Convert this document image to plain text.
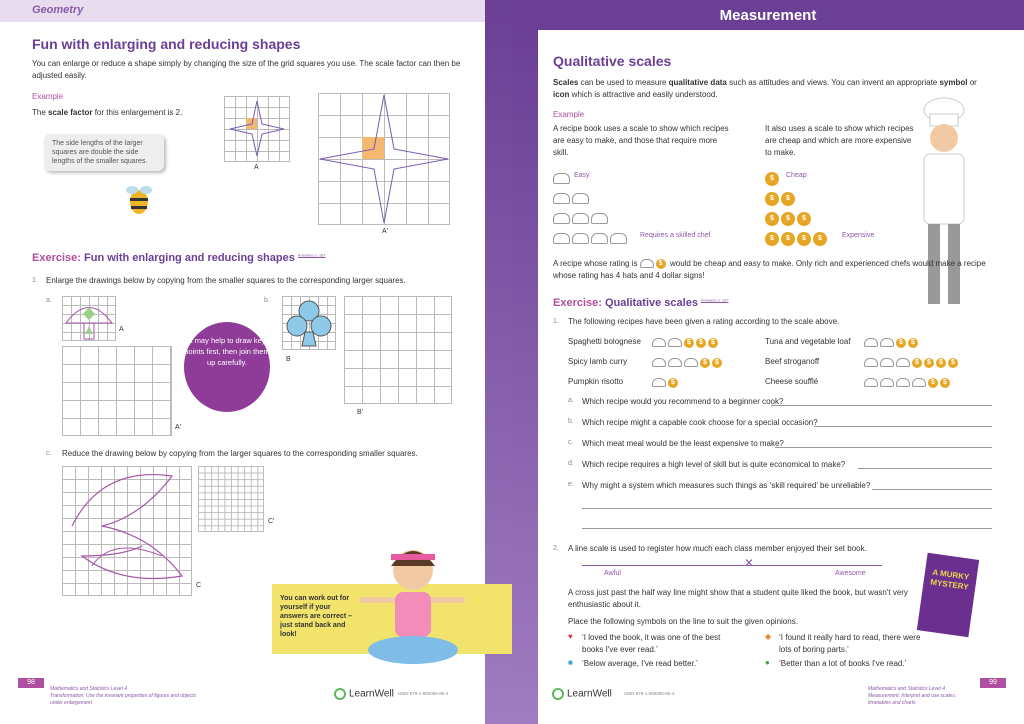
Geometry
Fun with enlarging and reducing shapes
You can enlarge or reduce a shape simply by changing the size of the grid squares you use. The scale factor can then be adjusted easily.
Example
The scale factor for this enlargement is 2.
The side lengths of the larger squares are double the side lengths of the smaller squares.
A
A'
Exercise: Fun with enlarging and reducing shapes $^{Answers p. 167}$
1. Enlarge the drawings below by copying from the smaller squares to the corresponding larger squares.
a.
A
A'
It may help to draw key points first, then join them up carefully.
b.
B
B'
c. Reduce the drawing below by copying from the larger squares to the corresponding smaller squares.
C
C'
You can work out for yourself if your answers are correct – just stand back and look!
98
Mathematics and Statistics Level 4
Transformation: Use the invariant properties of figures and objects under enlargement
LearnWell ISBN 978-1-990055-85-4
Measurement
Qualitative scales
Scales can be used to measure qualitative data such as attitudes and views. You can invent an appropriate symbol or icon which is attractive and easily understood.
Example
A recipe book uses a scale to show which recipes are easy to make, and those that require more skill.
It also uses a scale to show which recipes are cheap and which are more expensive to make.
Easy
Requires a skilled chef
$
$ $
$ $ $
$ $ $ $
Cheap
Expensive
A recipe whose rating is	$ would be cheap and easy to make. Only rich and experienced chefs would make a recipe whose rating has 4 hats and 4 dollar signs!
Exercise: Qualitative scales $^{Answers p. 167}$
1. The following recipes have been given a rating according to the scale above.
Spaghetti bolognese	$ $ $	Tuna and vegetable loaf	$ $
Spicy lamb curry	$ $	Beef stroganoff	$ $ $ $
Pumpkin risotto	$	Cheese soufflé	$ $
a. Which recipe would you recommend to a beginner cook?
b. Which recipe might a capable cook choose for a special occasion?
c. Which meat meal would be the least expensive to make?
d. Which recipe requires a high level of skill but is quite economical to make?
e. Why might a system which measures such things as ‘skill required’ be unreliable?
2. A line scale is used to register how much each class member enjoyed their set book.
✕
Awful	Awesome
A cross just past the half way line might show that a student quite liked the book, but wasn't very enthusiastic about it.
Place the following symbols on the line to suit the given opinions.
♥ ‘I loved the book, it was one of the best books I've ever read.’
◆ ‘I found it really hard to read, there were lots of boring parts.’
■ ‘Below average, I've read better.’	● ‘Better than a lot of books I've read.’
A MURKY MYSTERY
99
LearnWell	ISBN 978-1-990055-85-4
Mathematics and Statistics Level 4
Measurement: Interpret and use scales, timetables and charts
